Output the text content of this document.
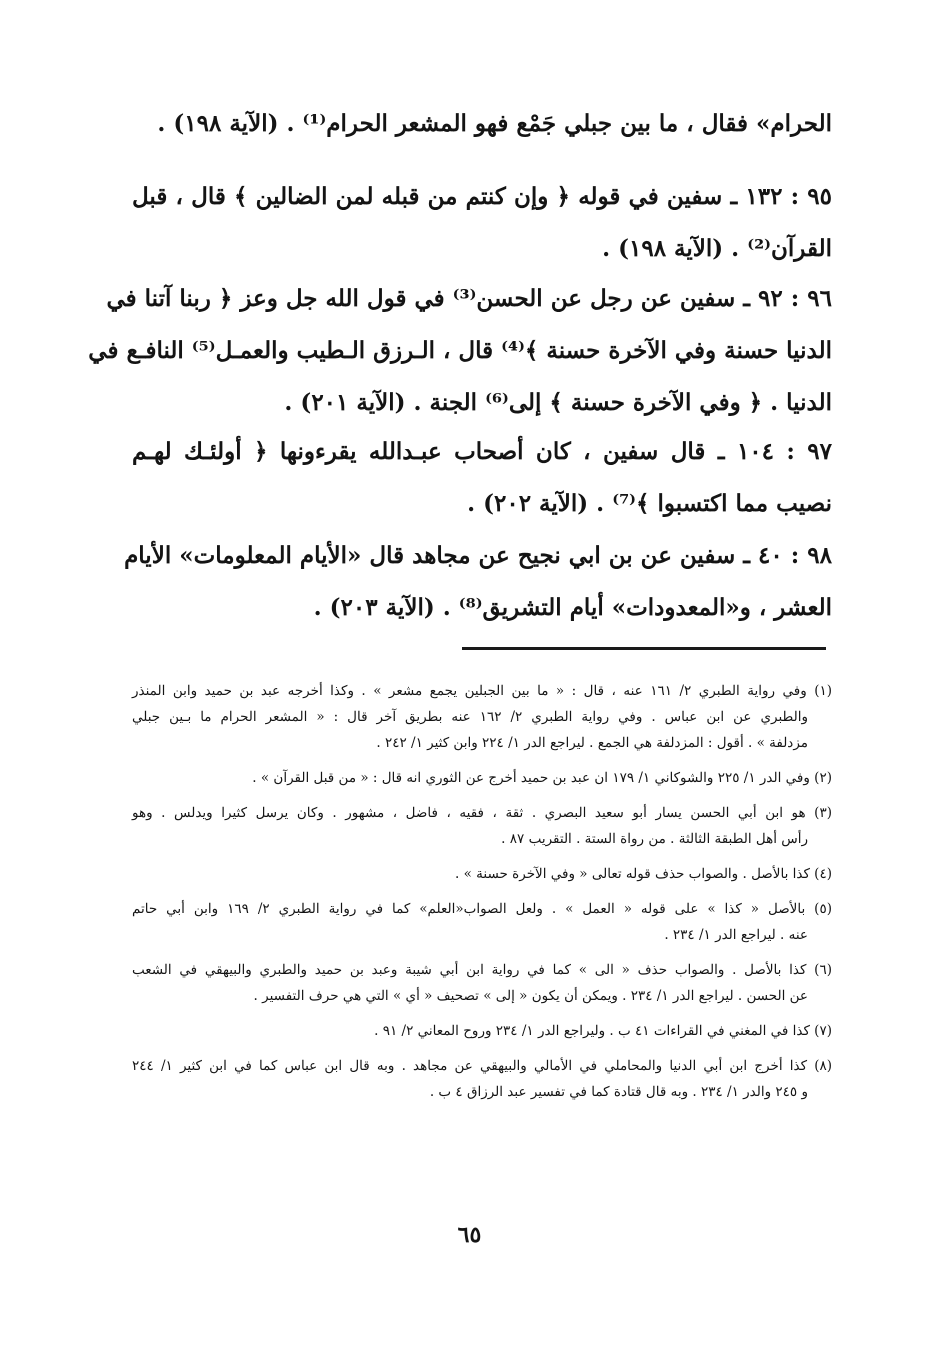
الحرام» فقال ، ما بين جبلي جَمْع فهو المشعر الحرام⁽¹⁾ . (الآية ١٩٨) .
٩٥ : ١٣٢ ـ سفين في قوله ﴿ وإن كنتم من قبله لمن الضالين ﴾ قال ، قبل
القرآن⁽²⁾ . (الآية ١٩٨) .
٩٦ : ٩٢ ـ سفين عن رجل عن الحسن⁽³⁾ في قول الله جل وعز ﴿ ربنا آتنا في
الدنيا حسنة وفي الآخرة حسنة ﴾⁽⁴⁾ قال ، الـرزق الـطيب والعمـل⁽⁵⁾ النافـع في
الدنيا . ﴿ وفي الآخرة حسنة ﴾ إلى⁽⁶⁾ الجنة . (الآية ٢٠١) .
٩٧ : ١٠٤ ـ قال سفين ، كان أصحاب عبـدالله يقرءونها ﴿ أولئـك لهـم
نصيب مما اكتسبوا ﴾⁽⁷⁾ . (الآية ٢٠٢) .
٩٨ : ٤٠ ـ سفين عن بن ابي نجيح عن مجاهد قال «الأيام المعلومات» الأيام
العشر ، و«المعدودات» أيام التشريق⁽⁸⁾ . (الآية ٢٠٣) .
(١) وفي رواية الطبري ٢/ ١٦١ عنه ، قال : « ما بين الجبلين يجمع مشعر » . وكذا أخرجه عبد بن حميد وابن المنذر
والطبري عن ابن عباس . وفي رواية الطبري ٢/ ١٦٢ عنه بطريق آخر قال : « المشعر الحرام ما بـين جبلي
مزدلفة » . أقول : المزدلفة هي الجمع . ليراجع الدر ١/ ٢٢٤ وابن كثير ١/ ٢٤٢ .
(٢) وفي الدر ١/ ٢٢٥ والشوكاني ١/ ١٧٩ ان عبد بن حميد أخرج عن الثوري انه قال : « من قبل القرآن » .
(٣) هو ابن أبي الحسن يسار أبو سعيد البصري . ثقة ، فقيه ، فاضل ، مشهور . وكان يرسل كثيرا ويدلس . وهو
رأس أهل الطبقة الثالثة . من رواة الستة . التقريب ٨٧ .
(٤) كذا بالأصل . والصواب حذف قوله تعالى « وفي الآخرة حسنة » .
(٥) بالأصل « كذا » على قوله « العمل » . ولعل الصواب«العلم» كما في رواية الطبري ٢/ ١٦٩ وابن أبي حاتم
عنه . ليراجع الدر ١/ ٢٣٤ .
(٦) كذا بالأصل . والصواب حذف « الى » كما في رواية ابن أبي شيبة وعبد بن حميد والطبري والبيهقي في الشعب
عن الحسن . ليراجع الدر ١/ ٢٣٤ . ويمكن أن يكون « إلى » تصحيف « أي » التي هي حرف التفسير .
(٧) كذا في المغني في القراءات ٤١ ب . وليراجع الدر ١/ ٢٣٤ وروح المعاني ٢/ ٩١ .
(٨) كذا أخرج ابن أبي الدنيا والمحاملي في الأمالي والبيهقي عن مجاهد . وبه قال ابن عباس كما في ابن كثير ١/ ٢٤٤
و ٢٤٥ والدر ١/ ٢٣٤ . وبه قال قتادة كما في تفسير عبد الرزاق ٤ ب .
٦٥
